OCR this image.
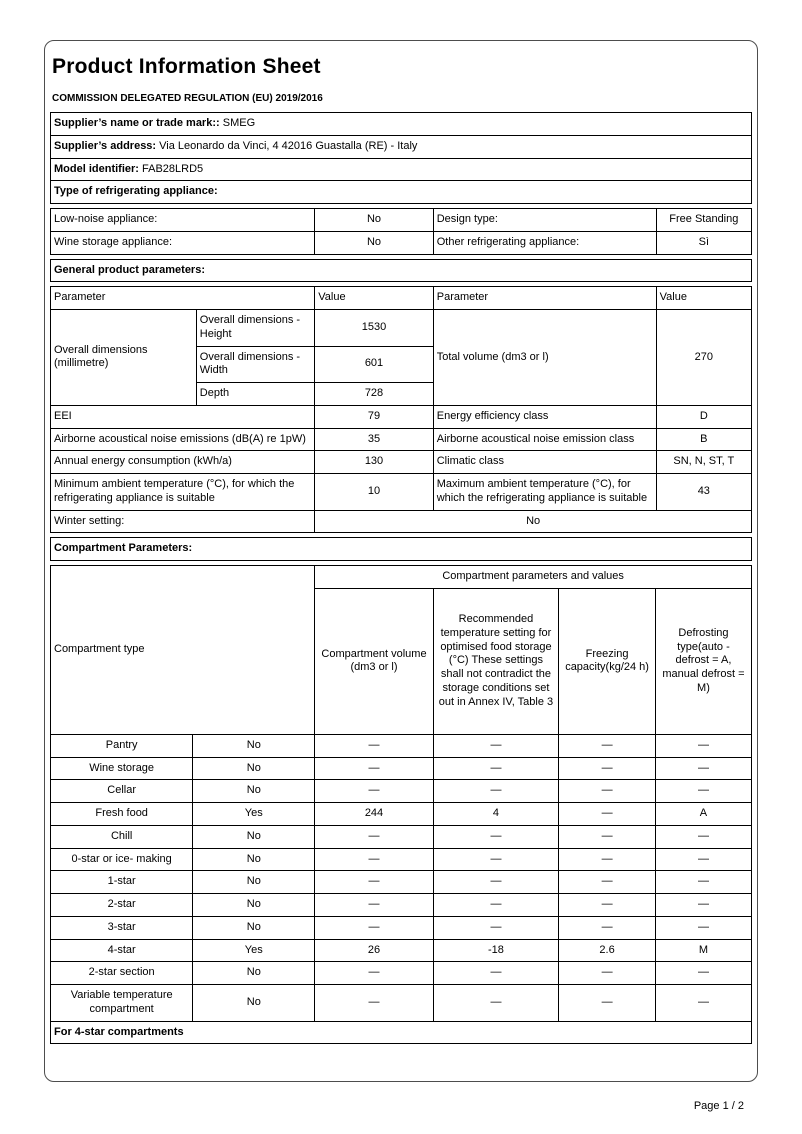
Product Information Sheet
COMMISSION DELEGATED REGULATION (EU) 2019/2016
Supplier’s name or trade mark:: SMEG
Supplier’s address: Via Leonardo da Vinci, 4 42016 Guastalla (RE) - Italy
Model identifier: FAB28LRD5
Type of refrigerating appliance:
Low-noise appliance:	No	Design type:	Free Standing
Wine storage appliance:	No	Other refrigerating appliance:	Sì
General product parameters:
Parameter		Value	Parameter	Value
Overall dimensions (millimetre)	Overall dimensions - Height	1530	Total volume (dm3 or l)	270
	Overall dimensions - Width	601		
	Depth	728		
EEI		79	Energy efficiency class	D
Airborne acoustical noise emissions (dB(A) re 1pW)		35	Airborne acoustical noise emission class	B
Annual energy consumption (kWh/a)		130	Climatic class	SN, N, ST, T
Minimum ambient temperature (°C), for which the refrigerating appliance is suitable		10	Maximum ambient temperature (°C), for which the refrigerating appliance is suitable	43
Winter setting:		No		
Compartment Parameters:
Compartment type		Compartment parameters and values			
		Compartment volume (dm3 or l)	Recommended temperature setting for optimised food storage (°C) These settings shall not contradict the storage conditions set out in Annex IV, Table 3	Freezing capacity(kg/24 h)	Defrosting type(auto - defrost = A, manual defrost = M)
Pantry	No	—	—	—	—
Wine storage	No	—	—	—	—
Cellar	No	—	—	—	—
Fresh food	Yes	244	4	—	A
Chill	No	—	—	—	—
0-star or ice- making	No	—	—	—	—
1-star	No	—	—	—	—
2-star	No	—	—	—	—
3-star	No	—	—	—	—
4-star	Yes	26	-18	2.6	M
2-star section	No	—	—	—	—
Variable temperature compartment	No	—	—	—	—
For 4-star compartments					
Page 1 / 2
